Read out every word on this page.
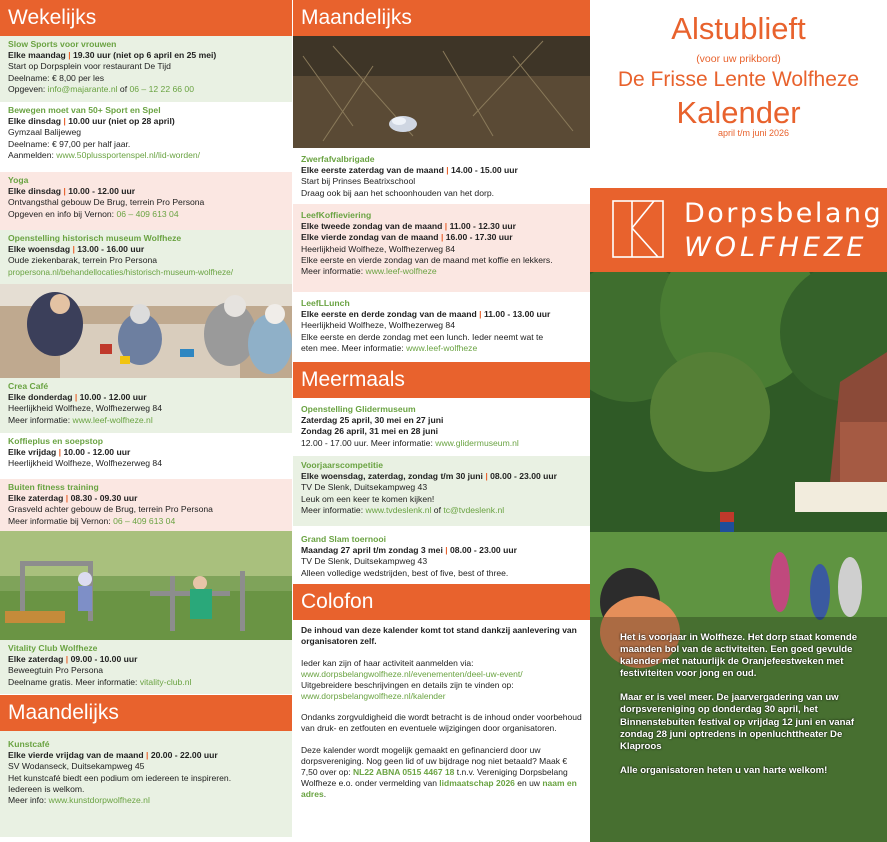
Wekelijks
Slow Sports voor vrouwen
Elke maandag | 19.30 uur (niet op 6 april en 25 mei)
Start op Dorpsplein voor restaurant De Tijd
Deelname: € 8,00 per les
Opgeven: info@majarante.nl of 06 – 12 22 66 00
Bewegen moet van 50+ Sport en Spel
Elke dinsdag | 10.00 uur (niet op 28 april)
Gymzaal Balijeweg
Deelname: € 97,00 per half jaar.
Aanmelden: www.50plussportenspel.nl/lid-worden/
Yoga
Elke dinsdag | 10.00 - 12.00 uur
Ontvangsthal gebouw De Brug, terrein Pro Persona
Opgeven en info bij Vernon: 06 – 409 613 04
Openstelling historisch museum Wolfheze
Elke woensdag | 13.00 - 16.00 uur
Oude ziekenbarak, terrein Pro Persona
propersona.nl/behandellocaties/historisch-museum-wolfheze/
Crea Café
Elke donderdag | 10.00 - 12.00 uur
Heerlijkheid Wolfheze, Wolfhezerweg 84
Meer informatie: www.leef-wolfheze.nl
Koffieplus en soepstop
Elke vrijdag | 10.00 - 12.00 uur
Heerlijkheid Wolfheze, Wolfhezerweg 84
Buiten fitness training
Elke zaterdag | 08.30 - 09.30 uur
Grasveld achter gebouw de Brug, terrein Pro Persona
Meer informatie bij Vernon: 06 – 409 613 04
Vitality Club Wolfheze
Elke zaterdag | 09.00 - 10.00 uur
Beweegtuin Pro Persona
Deelname gratis. Meer informatie: vitality-club.nl
Maandelijks
Kunstcafé
Elke vierde vrijdag van de maand | 20.00 - 22.00 uur
SV Wodanseck, Duitsekampweg 45
Het kunstcafé biedt een podium om iedereen te inspireren.
Iedereen is welkom.
Meer info: www.kunstdorpwolfheze.nl
Maandelijks
Zwerfafvalbrigade
Elke eerste zaterdag van de maand | 14.00 - 15.00 uur
Start bij Prinses Beatrixschool
Draag ook bij aan het schoonhouden van het dorp.
LeefKoffieviering
Elke tweede zondag van de maand | 11.00 - 12.30 uur
Elke vierde zondag van de maand | 16.00 - 17.30 uur
Heerlijkheid Wolfheze, Wolfhezerweg 84
Elke eerste en vierde zondag van de maand met koffie en lekkers.
Meer informatie: www.leef-wolfheze
LeefLLunch
Elke eerste en derde zondag van de maand | 11.00 - 13.00 uur
Heerlijkheid Wolfheze, Wolfhezerweg 84
Elke eerste en derde zondag met een lunch. Ieder neemt wat te
eten mee. Meer informatie: www.leef-wolfheze
Meermaals
Openstelling Glidermuseum
Zaterdag 25 april, 30 mei en 27 juni
Zondag 26 april, 31 mei en 28 juni
12.00 - 17.00 uur. Meer informatie: www.glidermuseum.nl
Voorjaarscompetitie
Elke woensdag, zaterdag, zondag t/m 30 juni | 08.00 - 23.00 uur
TV De Slenk, Duitsekampweg 43
Leuk om een keer te komen kijken!
Meer informatie: www.tvdeslenk.nl of tc@tvdeslenk.nl
Grand Slam toernooi
Maandag 27 april t/m zondag 3 mei | 08.00 - 23.00 uur
TV De Slenk, Duitsekampweg 43
Alleen volledige wedstrijden, best of five, best of three.
Colofon
De inhoud van deze kalender komt tot stand dankzij aanlevering van organisatoren zelf.
Ieder kan zijn of haar activiteit aanmelden via:
www.dorpsbelangwolfheze.nl/evenementen/deel-uw-event/
Uitgebreidere beschrijvingen en details zijn te vinden op:
www.dorpsbelangwolfheze.nl/kalender
Ondanks zorgvuldigheid die wordt betracht is de inhoud onder voorbehoud van druk- en zetfouten en eventuele wijzigingen door organisatoren.
Deze kalender wordt mogelijk gemaakt en gefinancierd door uw dorpsvereniging. Nog geen lid of uw bijdrage nog niet betaald? Maak € 7,50 over op: NL22 ABNA 0515 4467 18 t.n.v. Vereniging Dorpsbelang Wolfheze e.o. onder vermelding van lidmaatschap 2026 en uw naam en adres.
Alstublieft
(voor uw prikbord)
De Frisse Lente Wolfheze
Kalender
april t/m juni 2026
Dorpsbelang
WOLFHEZE
Het is voorjaar in Wolfheze. Het dorp staat komende maanden bol van de activiteiten. Een goed gevulde kalender met natuurlijk de Oranjefeestweken met festiviteiten voor jong en oud.
Maar er is veel meer. De jaarvergadering van uw dorpsvereniging op donderdag 30 april, het Binnenstebuiten festival op vrijdag 12 juni en vanaf zondag 28 juni optredens in openluchttheater De Klaproos
Alle organisatoren heten u van harte welkom!
